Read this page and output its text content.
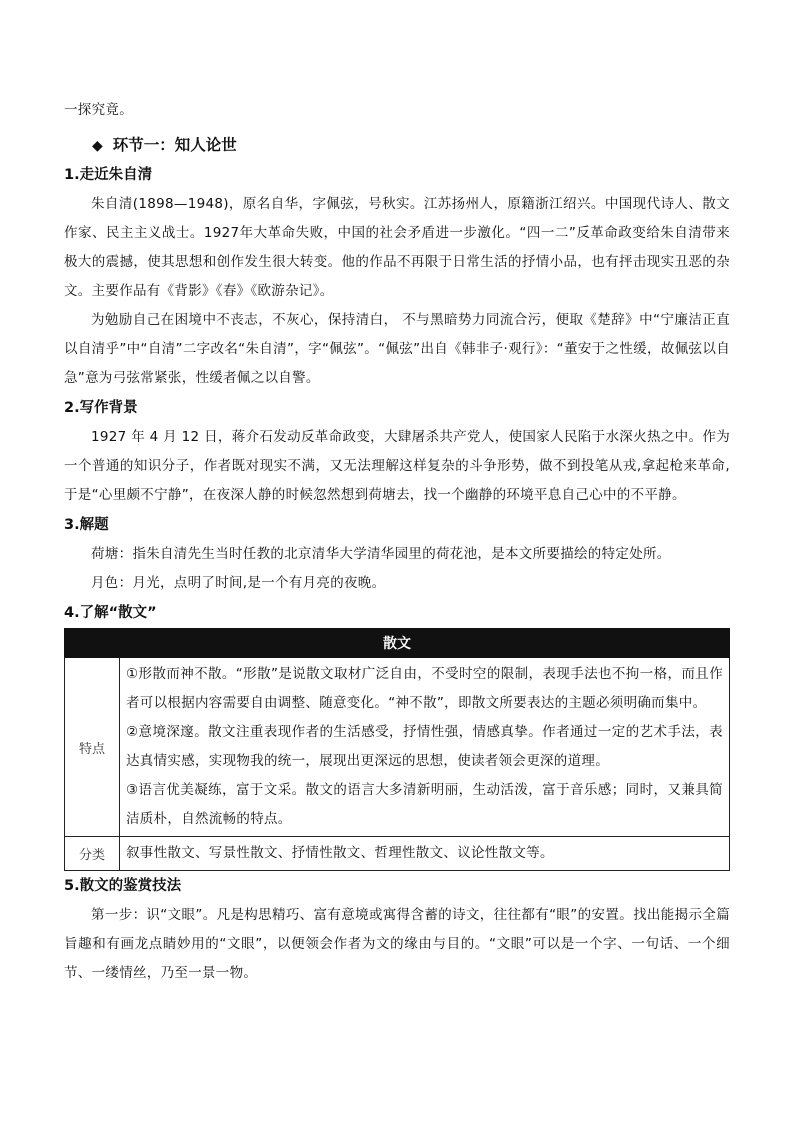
一探究竟。

◆ 环节一：知人论世
1.走近朱自清

朱自清(1898—1948)，原名自华，字佩弦，号秋实。江苏扬州人，原籍浙江绍兴。中国现代诗人、散文作家、民主主义战士。1927年大革命失败，中国的社会矛盾进一步激化。“四一二”反革命政变给朱自清带来极大的震撼，使其思想和创作发生很大转变。他的作品不再限于日常生活的抒情小品，也有抨击现实丑恶的杂文。主要作品有《背影》《春》《欧游杂记》。

为勉励自己在困境中不丧志，不灰心，保持清白， 不与黑暗势力同流合污，便取《楚辞》中“宁廉洁正直以自清乎”中“自清”二字改名“朱自清”，字“佩弦”。“佩弦”出自《韩非子·观行》：“董安于之性缓，故佩弦以自急”意为弓弦常紧张，性缓者佩之以自警。

2.写作背景

1927 年 4 月 12 日，蒋介石发动反革命政变，大肆屠杀共产党人，使国家人民陷于水深火热之中。作为一个普通的知识分子，作者既对现实不满，又无法理解这样复杂的斗争形势，做不到投笔从戎,拿起枪来革命,于是“心里颇不宁静”，在夜深人静的时候忽然想到荷塘去，找一个幽静的环境平息自己心中的不平静。

3.解题

荷塘：指朱自清先生当时任教的北京清华大学清华园里的荷花池，是本文所要描绘的特定处所。

月色：月光，点明了时间,是一个有月亮的夜晚。

4.了解“散文”
散文	
特点	①形散而神不散。“形散”是说散文取材广泛自由，不受时空的限制，表现手法也不拘一格，而且作者可以根据内容需要自由调整、随意变化。“神不散”，即散文所要表达的主题必须明确而集中。

②意境深邃。散文注重表现作者的生活感受，抒情性强，情感真挚。作者通过一定的艺术手法，表达真情实感，实现物我的统一，展现出更深远的思想，使读者领会更深的道理。

③语言优美凝练，富于文采。散文的语言大多清新明丽，生动活泼，富于音乐感；同时，又兼具简洁质朴，自然流畅的特点。

分类	叙事性散文、写景性散文、抒情性散文、哲理性散文、议论性散文等。

5.散文的鉴赏技法

第一步：识“文眼”。凡是构思精巧、富有意境或寓得含蓄的诗文，往往都有“眼”的安置。找出能揭示全篇旨趣和有画龙点睛妙用的“文眼”，以便领会作者为文的缘由与目的。“文眼”可以是一个字、一句话、一个细节、一缕情丝，乃至一景一物。
